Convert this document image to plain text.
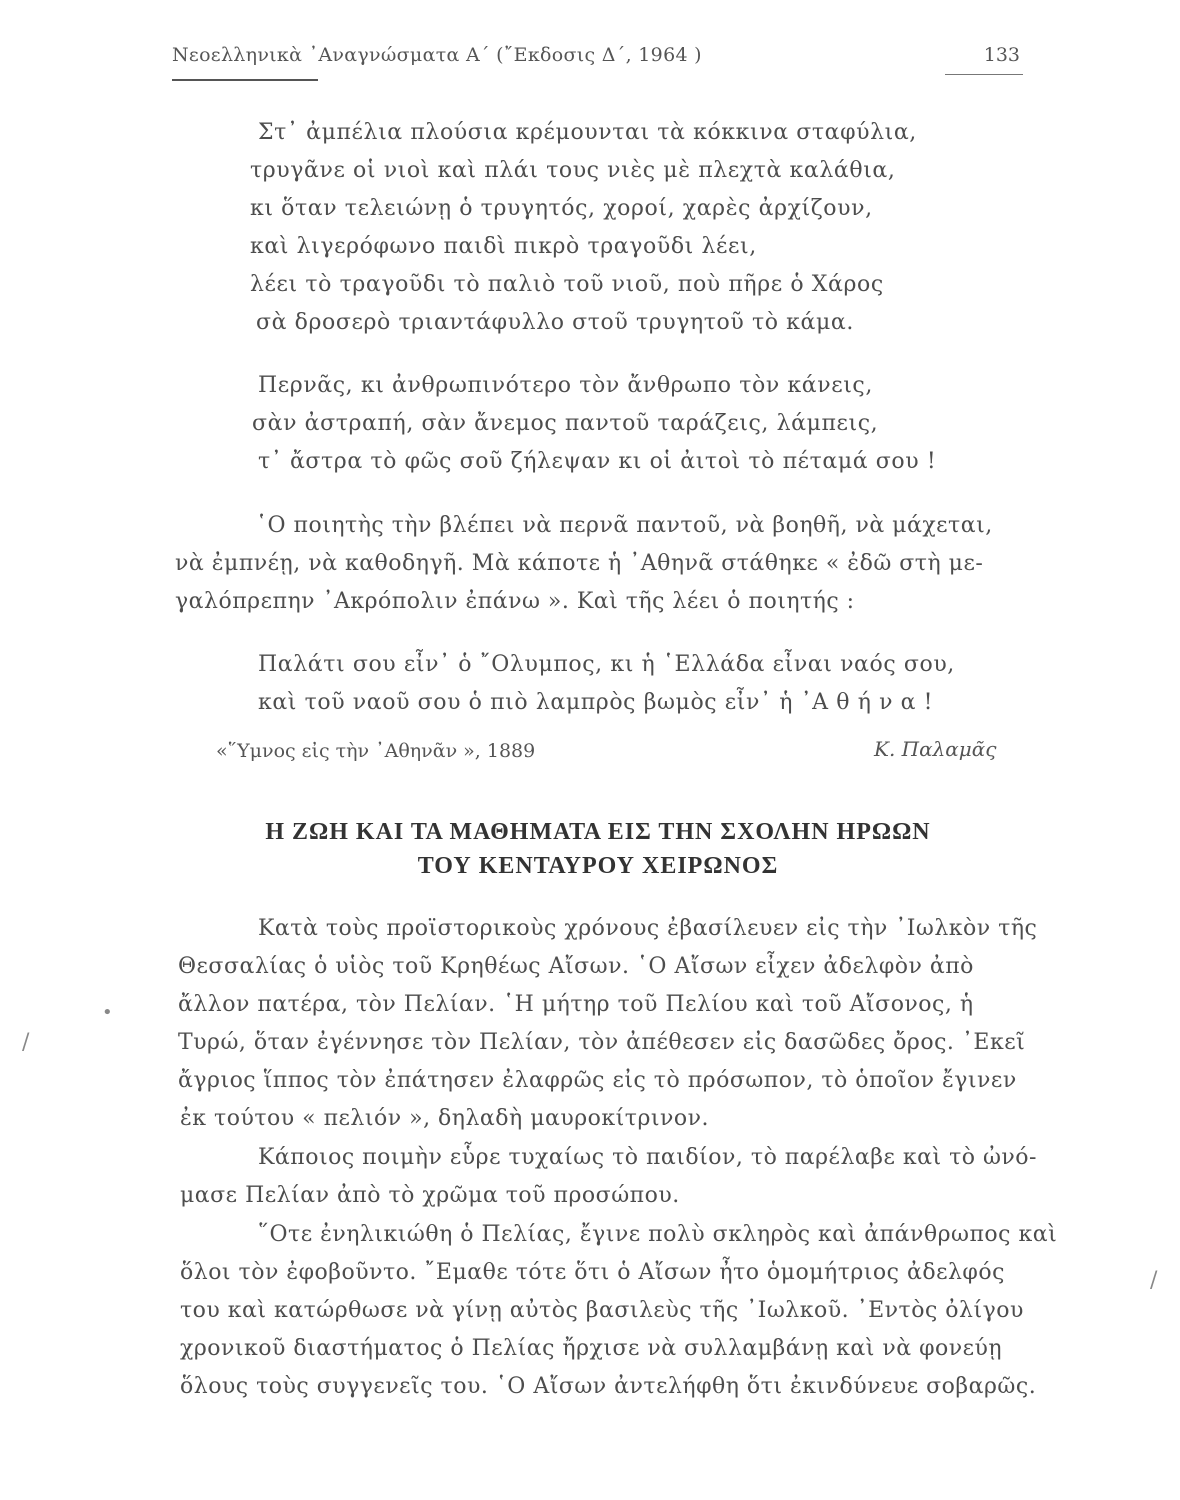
Νεοελληνικὰ ᾿Αναγνώσματα Α΄ (῎Εκδοσις Δ΄, 1964 )	133
Στ᾿ ἀμπέλια πλούσια κρέμουνται τὰ κόκκινα σταφύλια,
τρυγᾶνε οἱ νιοὶ καὶ πλάι τους νιὲς μὲ πλεχτὰ καλάθια,
κι ὅταν τελειώνῃ ὁ τρυγητός, χοροί, χαρὲς ἀρχίζουν,
καὶ λιγερόφωνο παιδὶ πικρὸ τραγοῦδι λέει,
λέει τὸ τραγοῦδι τὸ παλιὸ τοῦ νιοῦ, ποὺ πῆρε ὁ Χάρος
σὰ δροσερὸ τριαντάφυλλο στοῦ τρυγητοῦ τὸ κάμα.
Περνᾶς, κι ἀνθρωπινότερο τὸν ἄνθρωπο τὸν κάνεις,
σὰν ἀστραπή, σὰν ἄνεμος παντοῦ ταράζεις, λάμπεις,
τ᾿ ἄστρα τὸ φῶς σοῦ ζήλεψαν κι οἱ ἀιτοὶ τὸ πέταμά σου !
῾Ο ποιητὴς τὴν βλέπει νὰ περνᾶ παντοῦ, νὰ βοηθῆ, νὰ μάχεται,
νὰ ἐμπνέῃ, νὰ καθοδηγῆ. Μὰ κάποτε ἡ ᾿Αθηνᾶ στάθηκε « ἐδῶ στὴ με-
γαλόπρεπην ᾿Ακρόπολιν ἐπάνω ». Καὶ τῆς λέει ὁ ποιητής :
Παλάτι σου εἶν᾿ ὁ ῎Ολυμπος, κι ἡ ῾Ελλάδα εἶναι ναός σου,
καὶ τοῦ ναοῦ σου ὁ πιὸ λαμπρὸς βωμὸς εἶν᾿ ἡ ᾿Α θ ή ν α !
«῞Υμνος εἰς τὴν ᾿Αθηνᾶν », 1889	Κ. Παλαμᾶς
Η ΖΩΗ ΚΑΙ ΤΑ ΜΑΘΗΜΑΤΑ ΕΙΣ ΤΗΝ ΣΧΟΛΗΝ ΗΡΩΩΝ
ΤΟΥ ΚΕΝΤΑΥΡΟΥ ΧΕΙΡΩΝΟΣ
Κατὰ τοὺς προϊστορικοὺς χρόνους ἐβασίλευεν εἰς τὴν ᾿Ιωλκὸν τῆς
Θεσσαλίας ὁ υἱὸς τοῦ Κρηθέως Αἴσων. ῾Ο Αἴσων εἶχεν ἀδελφὸν ἀπὸ
ἄλλον πατέρα, τὸν Πελίαν. ῾Η μήτηρ τοῦ Πελίου καὶ τοῦ Αἴσονος, ἡ
Τυρώ, ὅταν ἐγέννησε τὸν Πελίαν, τὸν ἀπέθεσεν εἰς δασῶδες ὄρος. ᾿Εκεῖ
ἄγριος ἵππος τὸν ἐπάτησεν ἐλαφρῶς εἰς τὸ πρόσωπον, τὸ ὁποῖον ἔγινεν
ἐκ τούτου « πελιόν », δηλαδὴ μαυροκίτρινον.
Κάποιος ποιμὴν εὗρε τυχαίως τὸ παιδίον, τὸ παρέλαβε καὶ τὸ ὠνό-
μασε Πελίαν ἀπὸ τὸ χρῶμα τοῦ προσώπου.
῞Οτε ἐνηλικιώθη ὁ Πελίας, ἔγινε πολὺ σκληρὸς καὶ ἀπάνθρωπος καὶ
ὅλοι τὸν ἐφοβοῦντο. ῎Εμαθε τότε ὅτι ὁ Αἴσων ἦτο ὁμομήτριος ἀδελφός
του καὶ κατώρθωσε νὰ γίνῃ αὐτὸς βασιλεὺς τῆς ᾿Ιωλκοῦ. ᾿Εντὸς ὀλίγου
χρονικοῦ διαστήματος ὁ Πελίας ἤρχισε νὰ συλλαμβάνῃ καὶ νὰ φονεύῃ
ὅλους τοὺς συγγενεῖς του. ῾Ο Αἴσων ἀντελήφθη ὅτι ἐκινδύνευε σοβαρῶς.
•
/
/
